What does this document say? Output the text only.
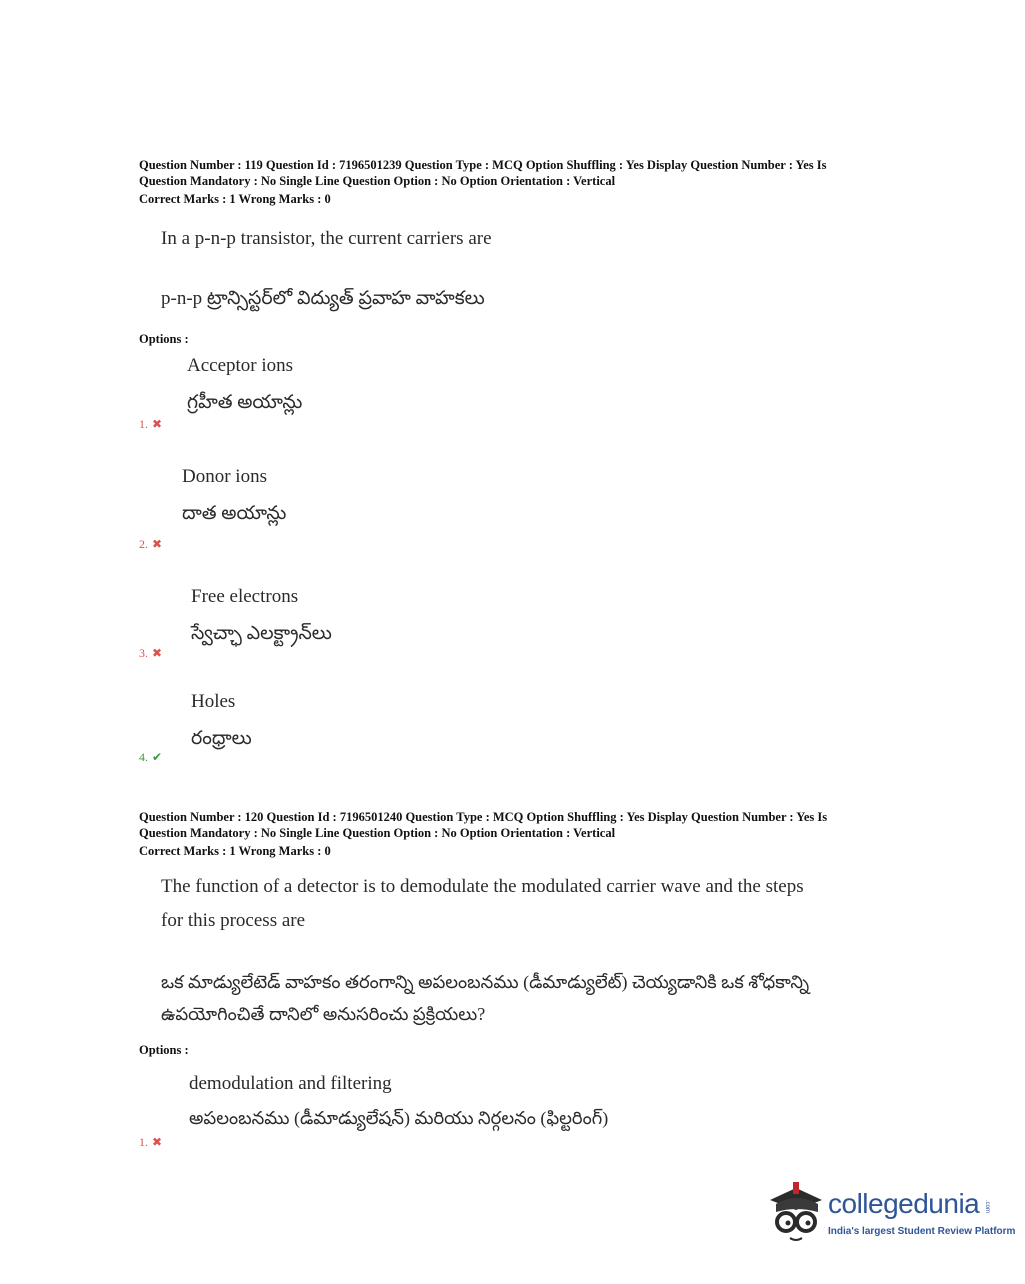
Question Number : 119 Question Id : 7196501239 Question Type : MCQ Option Shuffling : Yes Display Question Number : Yes Is
Question Mandatory : No Single Line Question Option : No Option Orientation : Vertical
Correct Marks : 1 Wrong Marks : 0
In a p-n-p transistor, the current carriers are
p-n-p ట్రాన్సిస్టర్‌లో విద్యుత్ ప్రవాహ వాహకలు
Options :
Acceptor ions
గ్రహీత అయాన్లు
1. ✖
Donor ions
దాత అయాన్లు
2. ✖
Free electrons
స్వేచ్ఛా ఎలక్ట్రాన్‌లు
3. ✖
Holes
రంధ్రాలు
4. ✔
Question Number : 120 Question Id : 7196501240 Question Type : MCQ Option Shuffling : Yes Display Question Number : Yes Is
Question Mandatory : No Single Line Question Option : No Option Orientation : Vertical
Correct Marks : 1 Wrong Marks : 0
The function of a detector is to demodulate the modulated carrier wave and the steps
for this process are
ఒక మాడ్యులేటెడ్ వాహకం తరంగాన్ని అపలంబనము (డీమాడ్యులేట్) చెయ్యడానికి ఒక శోధకాన్ని
ఉపయోగించితే దానిలో అనుసరించు ప్రక్రియలు?
Options :
demodulation and filtering
అపలంబనము (డీమాడ్యులేషన్) మరియు నిర్గలనం (ఫిల్టరింగ్)
1. ✖
collegedunia .com
India's largest Student Review Platform
